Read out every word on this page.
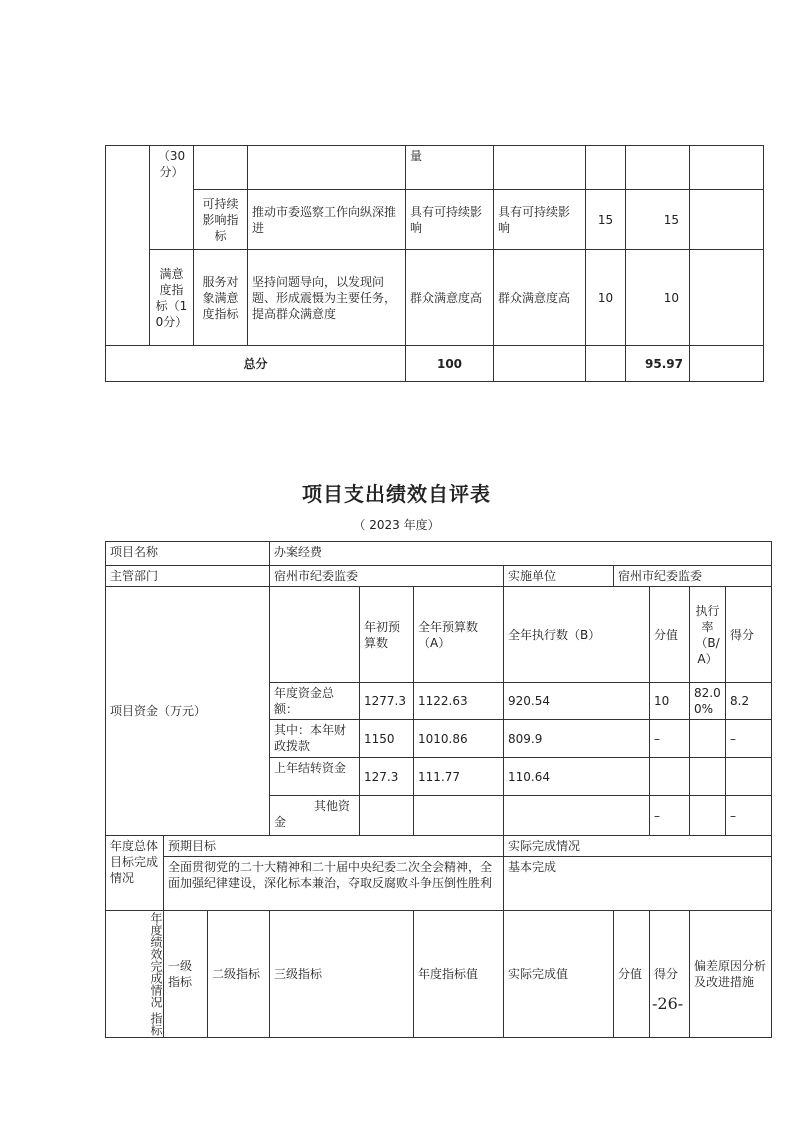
	（30分）			量				
		可持续影响指标	推动市委巡察工作向纵深推进	具有可持续影响	具有可持续影响	15	15	
	满意度指标（10分）	服务对象满意度指标	坚持问题导向，以发现问题、形成震慑为主要任务，提高群众满意度	群众满意度高	群众满意度高	10	10	
总分				100			95.97	
项目支出绩效自评表
（ 2023 年度）
项目名称			办案经费							
主管部门			宿州市纪委监委			实施单位	宿州市纪委监委			
项目资金（万元）				年初预算数	全年预算数（A）	全年执行数（B）		分值	执行率（B/A）	得分
			年度资金总额：	1277.3	1122.63	920.54		10	82.00%	8.2
			其中：本年财政拨款	1150	1010.86	809.9		–		–
			上年结转资金	127.3	111.77	110.64				
			其他资金					–		–
年度总体目标完成情况	预期目标					实际完成情况				
	全面贯彻党的二十大精神和二十届中央纪委二次全会精神，全面加强纪律建设，深化标本兼治，夺取反腐败斗争压倒性胜利					基本完成				
年度绩效完成情况 指标	一级指标	二级指标	三级指标		年度指标值	实际完成值	分值	得分	偏差原因分析及改进措施	
-26-
